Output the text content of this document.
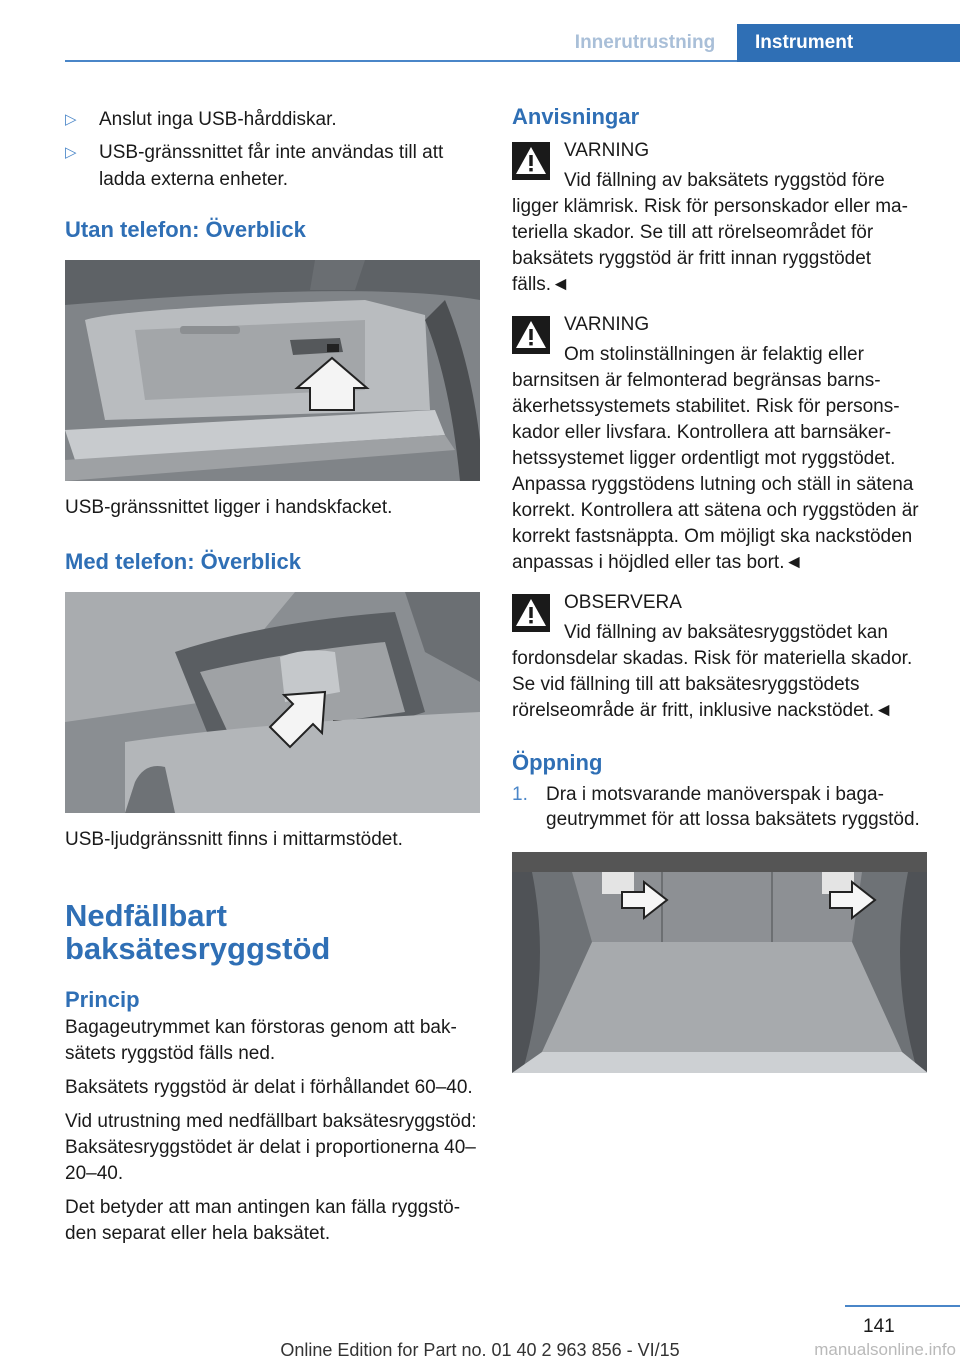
Innerutrustning	Instrument
▷ Anslut inga USB-hårddiskar.
▷ USB-gränssnittet får inte användas till att ladda externa enheter.
Utan telefon: Överblick

USB-gränssnittet ligger i handskfacket.

Med telefon: Överblick

USB-ljudgränssnitt finns i mittarmstödet.

Nedfällbart
baksätesryggstöd
Princip

Bagageutrymmet kan förstoras genom att baksätets ryggstöd fälls ned.

Baksätets ryggstöd är delat i förhållandet 60–40.

Vid utrustning med nedfällbart baksätesryggstöd: Baksätesryggstödet är delat i proportionerna 40–20–40.

Det betyder att man antingen kan fälla ryggstöden separat eller hela baksätet.

Anvisningar
VARNING
Vid fällning av baksätets ryggstöd före
ligger klämrisk. Risk för personskador eller materiella skador. Se till att rörelseområdet för baksätets ryggstöd är fritt innan ryggstödet fälls.◄
VARNING
Om stolinställningen är felaktig eller
barnsitsen är felmonterad begränsas barnsäkerhetssystemets stabilitet. Risk för personskador eller livsfara. Kontrollera att barnsäkerhetssystemet ligger ordentligt mot ryggstödet. Anpassa ryggstödens lutning och ställ in sätena korrekt. Kontrollera att sätena och ryggstöden är korrekt fastsnäppta. Om möjligt ska nackstöden anpassas i höjdled eller tas bort.◄
OBSERVERA
Vid fällning av baksätesryggstödet kan
fordonsdelar skadas. Risk för materiella skador. Se vid fällning till att baksätesryggstödets rörelseområde är fritt, inklusive nackstödet.◄
Öppning
1. Dra i motsvarande manöverspak i bagageutrymmet för att lossa baksätets ryggstöd.
141
Online Edition for Part no. 01 40 2 963 856 - VI/15	manualsonline.info
